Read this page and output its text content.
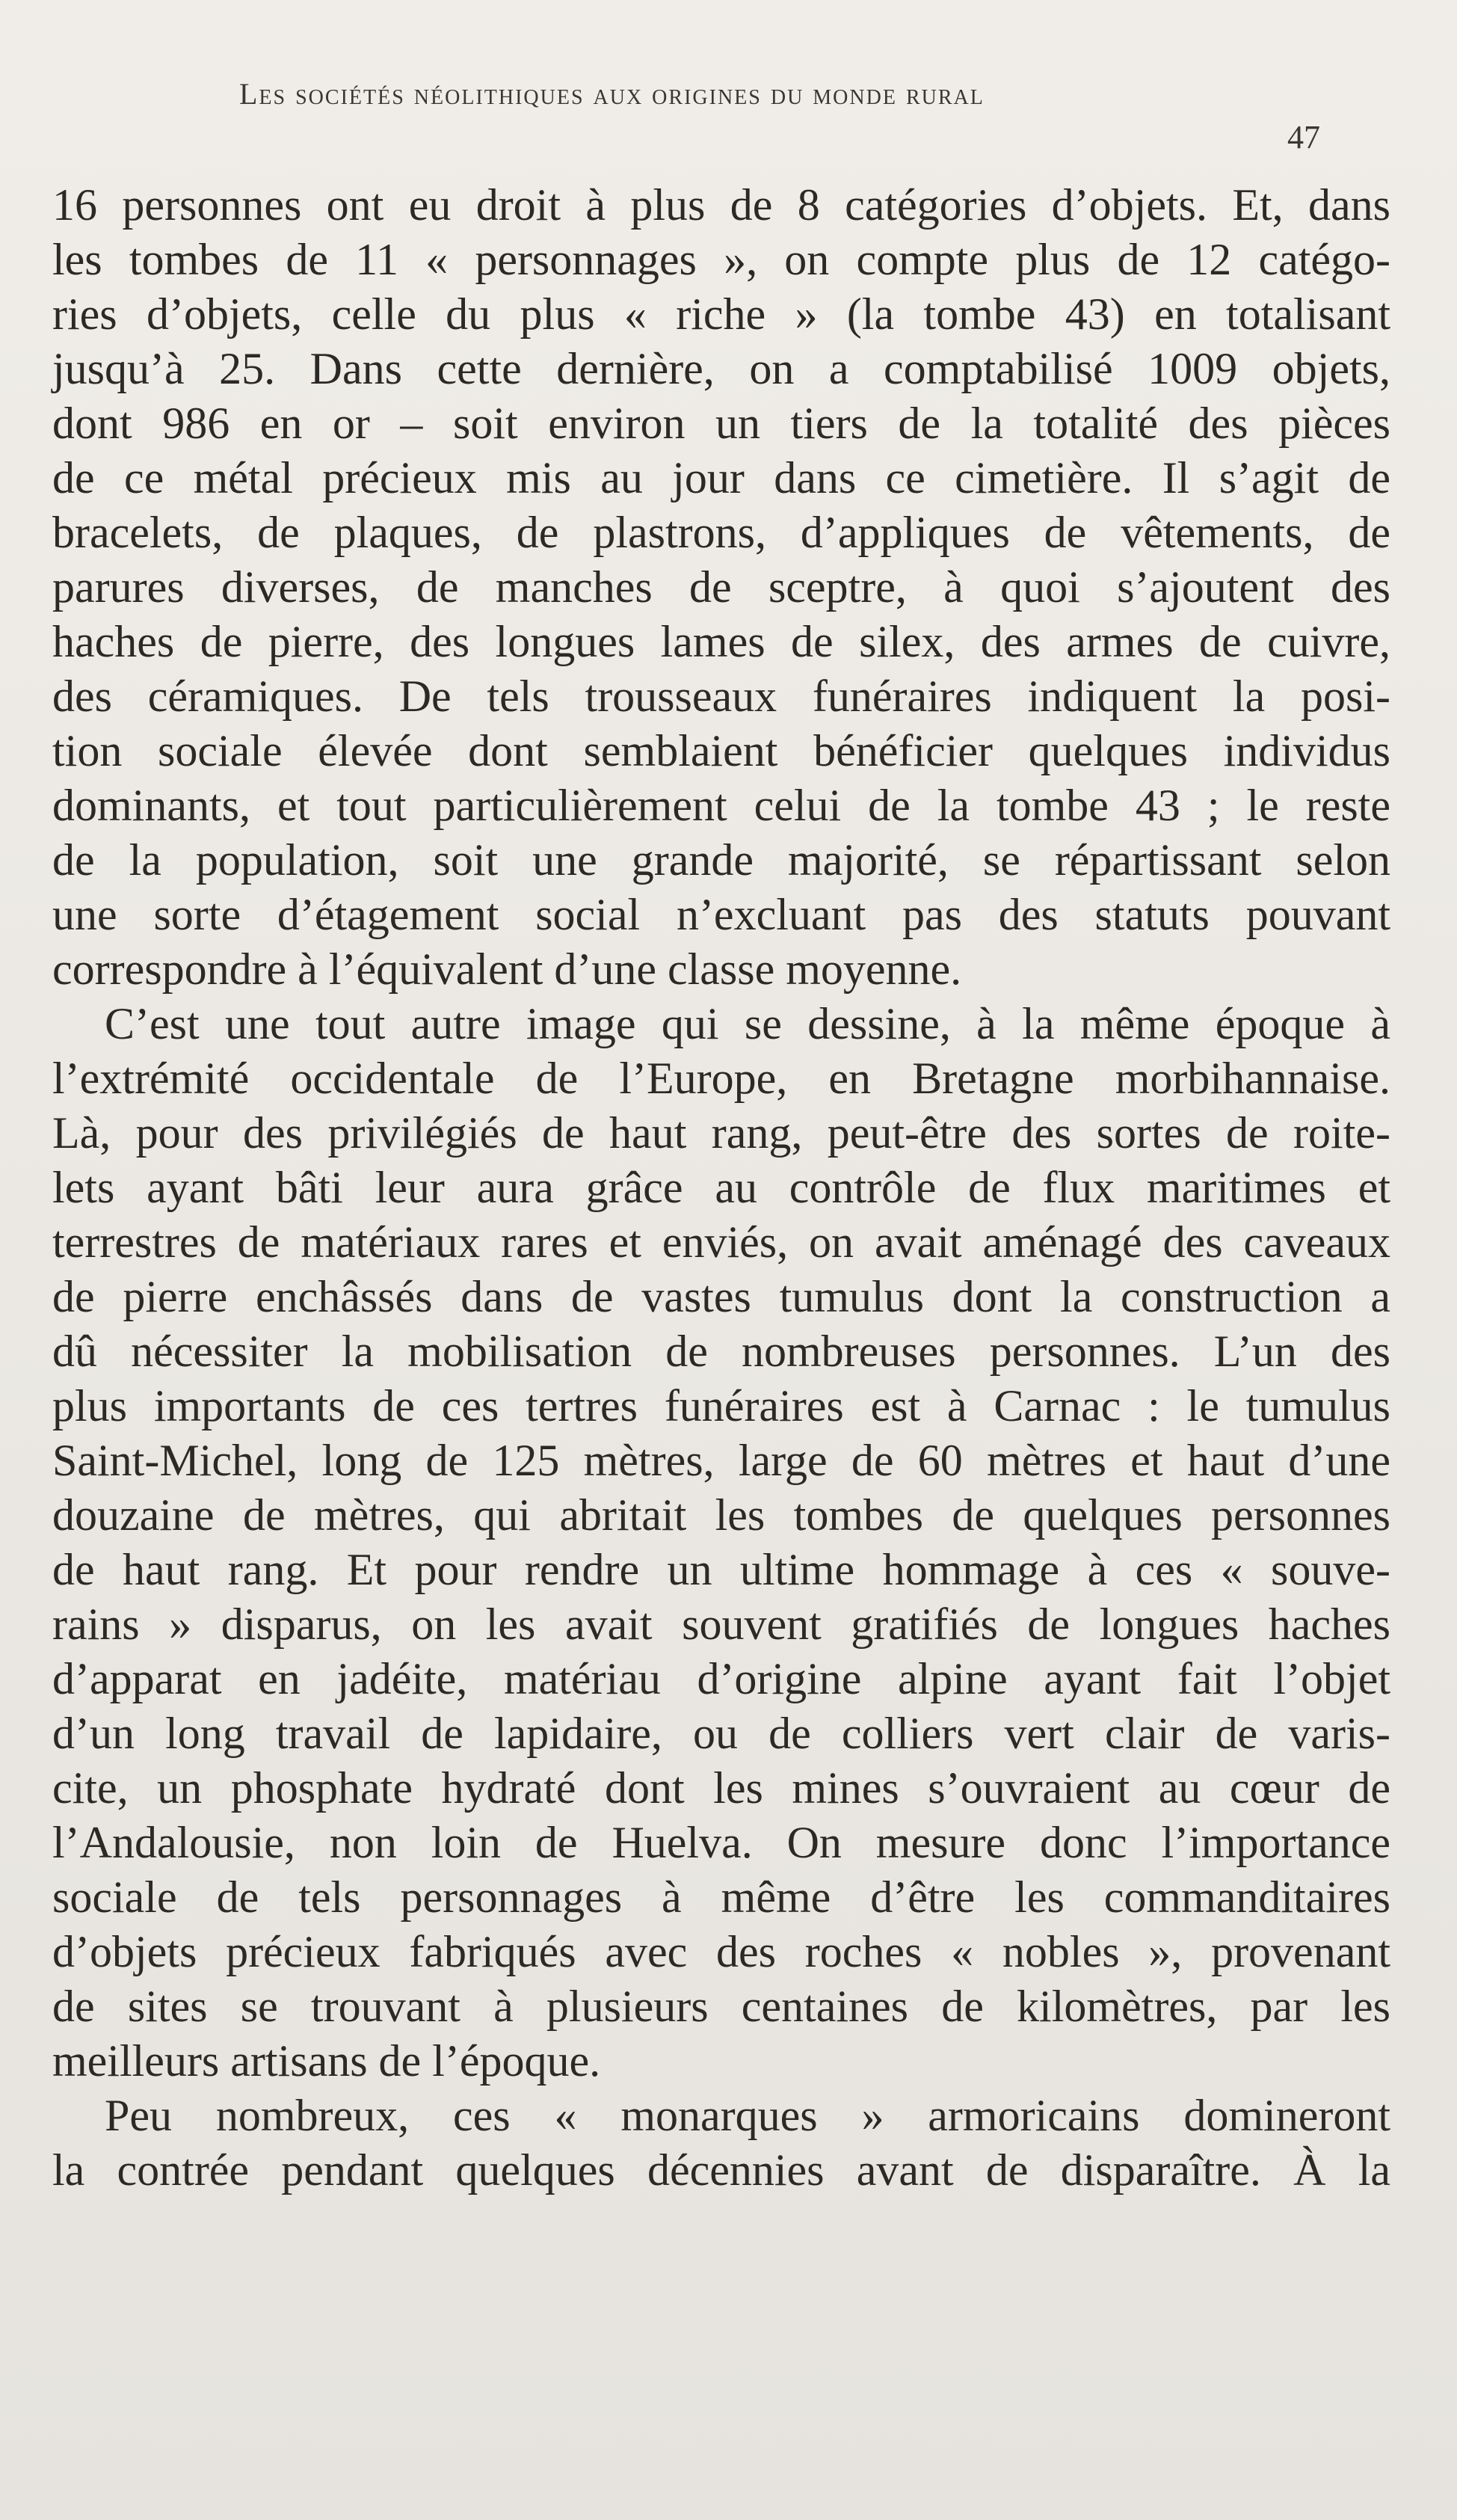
Les sociétés néolithiques aux origines du monde rural
47
16 personnes ont eu droit à plus de 8 catégories d’objets. Et, dans
les tombes de 11 « personnages », on compte plus de 12 catégo-
ries d’objets, celle du plus « riche » (la tombe 43) en totalisant
jusqu’à 25. Dans cette dernière, on a comptabilisé 1009 objets,
dont 986 en or – soit environ un tiers de la totalité des pièces
de ce métal précieux mis au jour dans ce cimetière. Il s’agit de
bracelets, de plaques, de plastrons, d’appliques de vêtements, de
parures diverses, de manches de sceptre, à quoi s’ajoutent des
haches de pierre, des longues lames de silex, des armes de cuivre,
des céramiques. De tels trousseaux funéraires indiquent la posi-
tion sociale élevée dont semblaient bénéficier quelques individus
dominants, et tout particulièrement celui de la tombe 43 ; le reste
de la population, soit une grande majorité, se répartissant selon
une sorte d’étagement social n’excluant pas des statuts pouvant
correspondre à l’équivalent d’une classe moyenne.
C’est une tout autre image qui se dessine, à la même époque à
l’extrémité occidentale de l’Europe, en Bretagne morbihannaise.
Là, pour des privilégiés de haut rang, peut-être des sortes de roite-
lets ayant bâti leur aura grâce au contrôle de flux maritimes et
terrestres de matériaux rares et enviés, on avait aménagé des caveaux
de pierre enchâssés dans de vastes tumulus dont la construction a
dû nécessiter la mobilisation de nombreuses personnes. L’un des
plus importants de ces tertres funéraires est à Carnac : le tumulus
Saint-Michel, long de 125 mètres, large de 60 mètres et haut d’une
douzaine de mètres, qui abritait les tombes de quelques personnes
de haut rang. Et pour rendre un ultime hommage à ces « souve-
rains » disparus, on les avait souvent gratifiés de longues haches
d’apparat en jadéite, matériau d’origine alpine ayant fait l’objet
d’un long travail de lapidaire, ou de colliers vert clair de varis-
cite, un phosphate hydraté dont les mines s’ouvraient au cœur de
l’Andalousie, non loin de Huelva. On mesure donc l’importance
sociale de tels personnages à même d’être les commanditaires
d’objets précieux fabriqués avec des roches « nobles », provenant
de sites se trouvant à plusieurs centaines de kilomètres, par les
meilleurs artisans de l’époque.
Peu nombreux, ces « monarques » armoricains domineront
la contrée pendant quelques décennies avant de disparaître. À la
